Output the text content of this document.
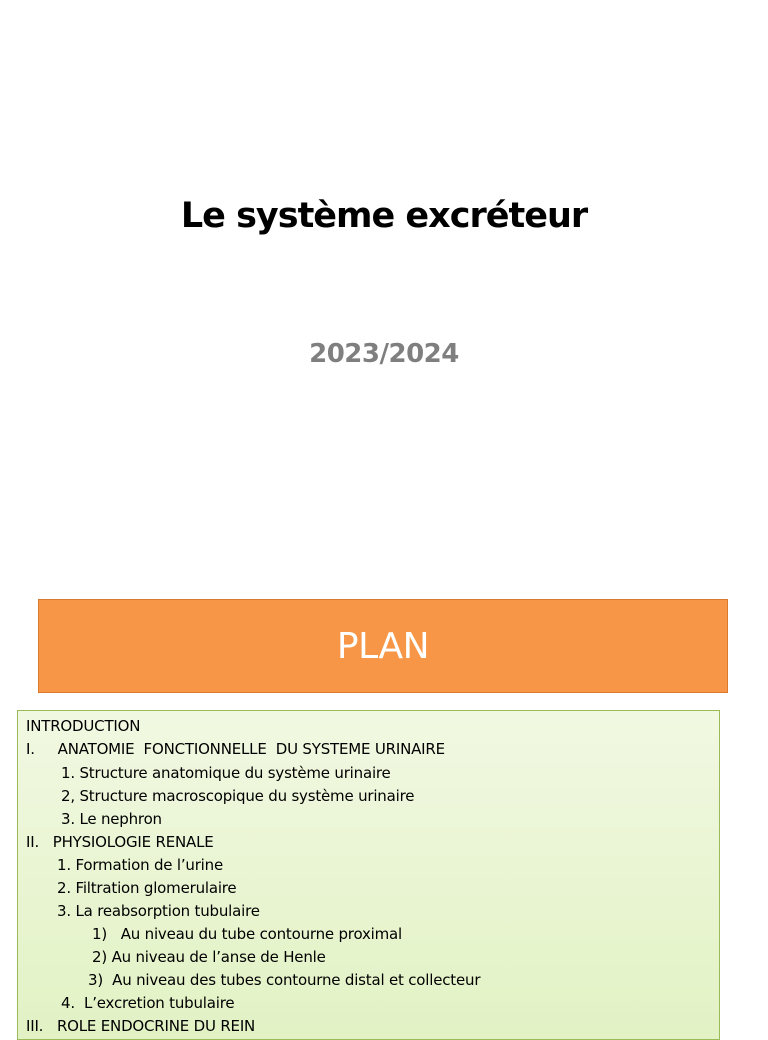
Le système excréteur
2023/2024
PLAN
INTRODUCTION
I.     ANATOMIE  FONCTIONNELLE  DU SYSTEME URINAIRE
1. Structure anatomique du système urinaire
2, Structure macroscopique du système urinaire
3. Le nephron
II.   PHYSIOLOGIE RENALE
1. Formation de l’urine
2. Filtration glomerulaire
3. La reabsorption tubulaire
1)   Au niveau du tube contourne proximal
2) Au niveau de l’anse de Henle
3)  Au niveau des tubes contourne distal et collecteur
4.  L’excretion tubulaire
III.   ROLE ENDOCRINE DU REIN
